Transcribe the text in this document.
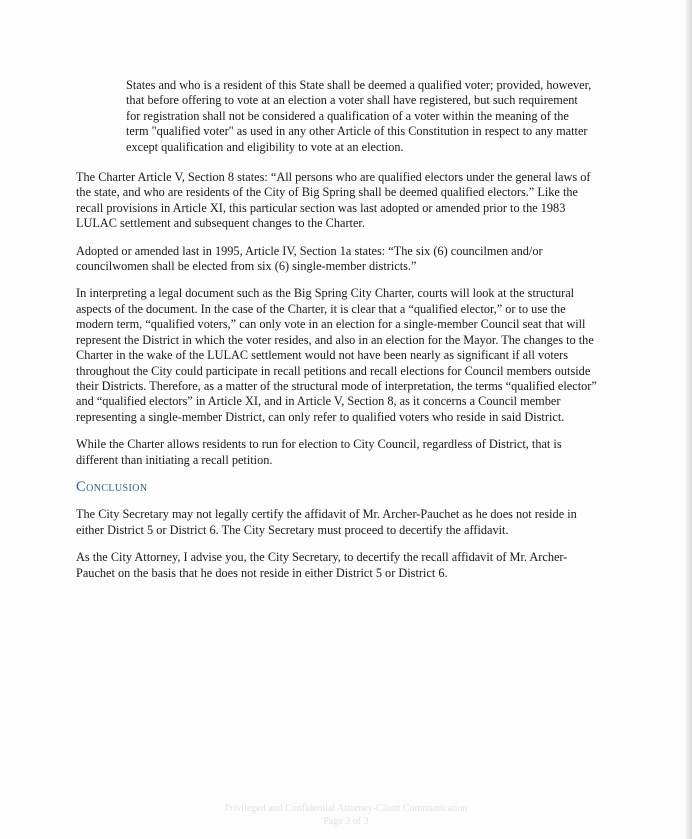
States and who is a resident of this State shall be deemed a qualified voter; provided, however, that before offering to vote at an election a voter shall have registered, but such requirement for registration shall not be considered a qualification of a voter within the meaning of the term "qualified voter" as used in any other Article of this Constitution in respect to any matter except qualification and eligibility to vote at an election.

The Charter Article V, Section 8 states: “All persons who are qualified electors under the general laws of the state, and who are residents of the City of Big Spring shall be deemed qualified electors.” Like the recall provisions in Article XI, this particular section was last adopted or amended prior to the 1983 LULAC settlement and subsequent changes to the Charter.

Adopted or amended last in 1995, Article IV, Section 1a states: “The six (6) councilmen and/or councilwomen shall be elected from six (6) single-member districts.”

In interpreting a legal document such as the Big Spring City Charter, courts will look at the structural aspects of the document. In the case of the Charter, it is clear that a “qualified elector,” or to use the modern term, “qualified voters,” can only vote in an election for a single-member Council seat that will represent the District in which the voter resides, and also in an election for the Mayor. The changes to the Charter in the wake of the LULAC settlement would not have been nearly as significant if all voters throughout the City could participate in recall petitions and recall elections for Council members outside their Districts. Therefore, as a matter of the structural mode of interpretation, the terms “qualified elector” and “qualified electors” in Article XI, and in Article V, Section 8, as it concerns a Council member representing a single-member District, can only refer to qualified voters who reside in said District.

While the Charter allows residents to run for election to City Council, regardless of District, that is different than initiating a recall petition.

Conclusion

The City Secretary may not legally certify the affidavit of Mr. Archer-Pauchet as he does not reside in either District 5 or District 6. The City Secretary must proceed to decertify the affidavit.

As the City Attorney, I advise you, the City Secretary, to decertify the recall affidavit of Mr. Archer-Pauchet on the basis that he does not reside in either District 5 or District 6.

Privileged and Confidential Attorney-Client Communication
Page 3 of 3
